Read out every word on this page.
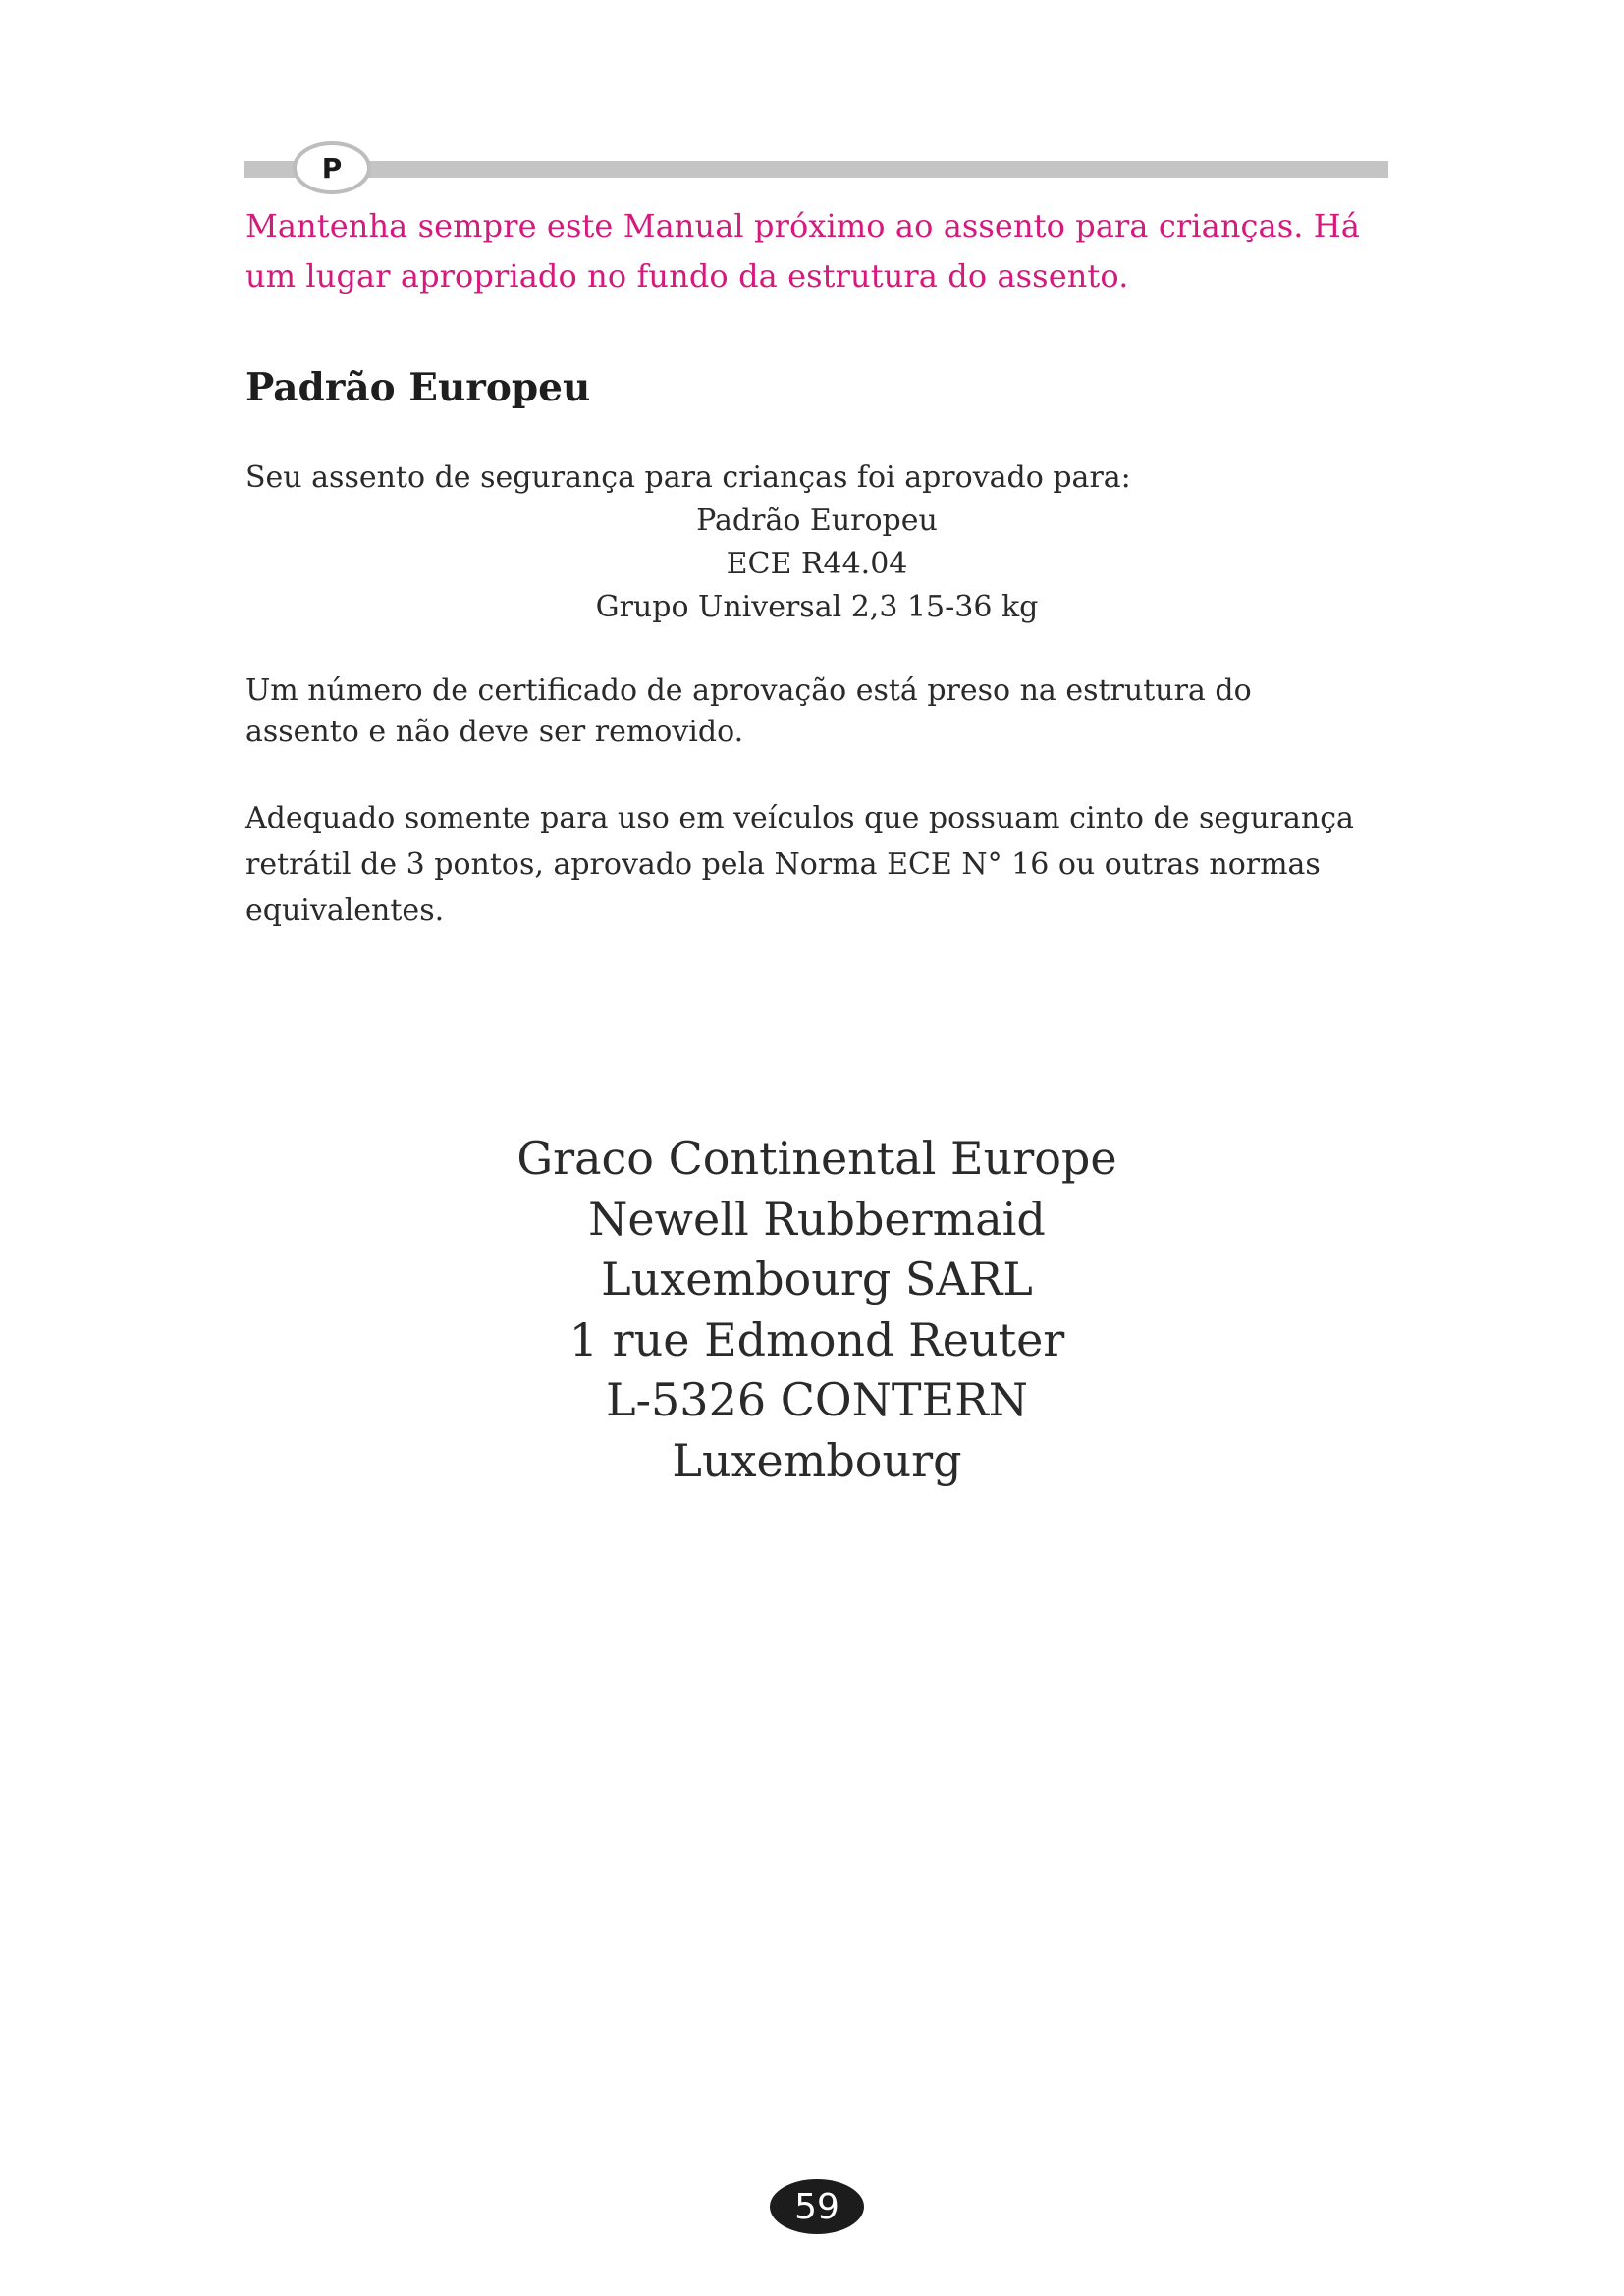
P
Mantenha sempre este Manual próximo ao assento para crianças. Há um lugar apropriado no fundo da estrutura do assento.
Padrão Europeu
Seu assento de segurança para crianças foi aprovado para:
Padrão Europeu
ECE R44.04
Grupo Universal 2,3 15-36 kg
Um número de certificado de aprovação está preso na estrutura do assento e não deve ser removido.
Adequado somente para uso em veículos que possuam cinto de segurança retrátil de 3 pontos, aprovado pela Norma ECE N° 16 ou outras normas equivalentes.
Graco Continental Europe
Newell Rubbermaid
Luxembourg SARL
1 rue Edmond Reuter
L-5326 CONTERN
Luxembourg
59
